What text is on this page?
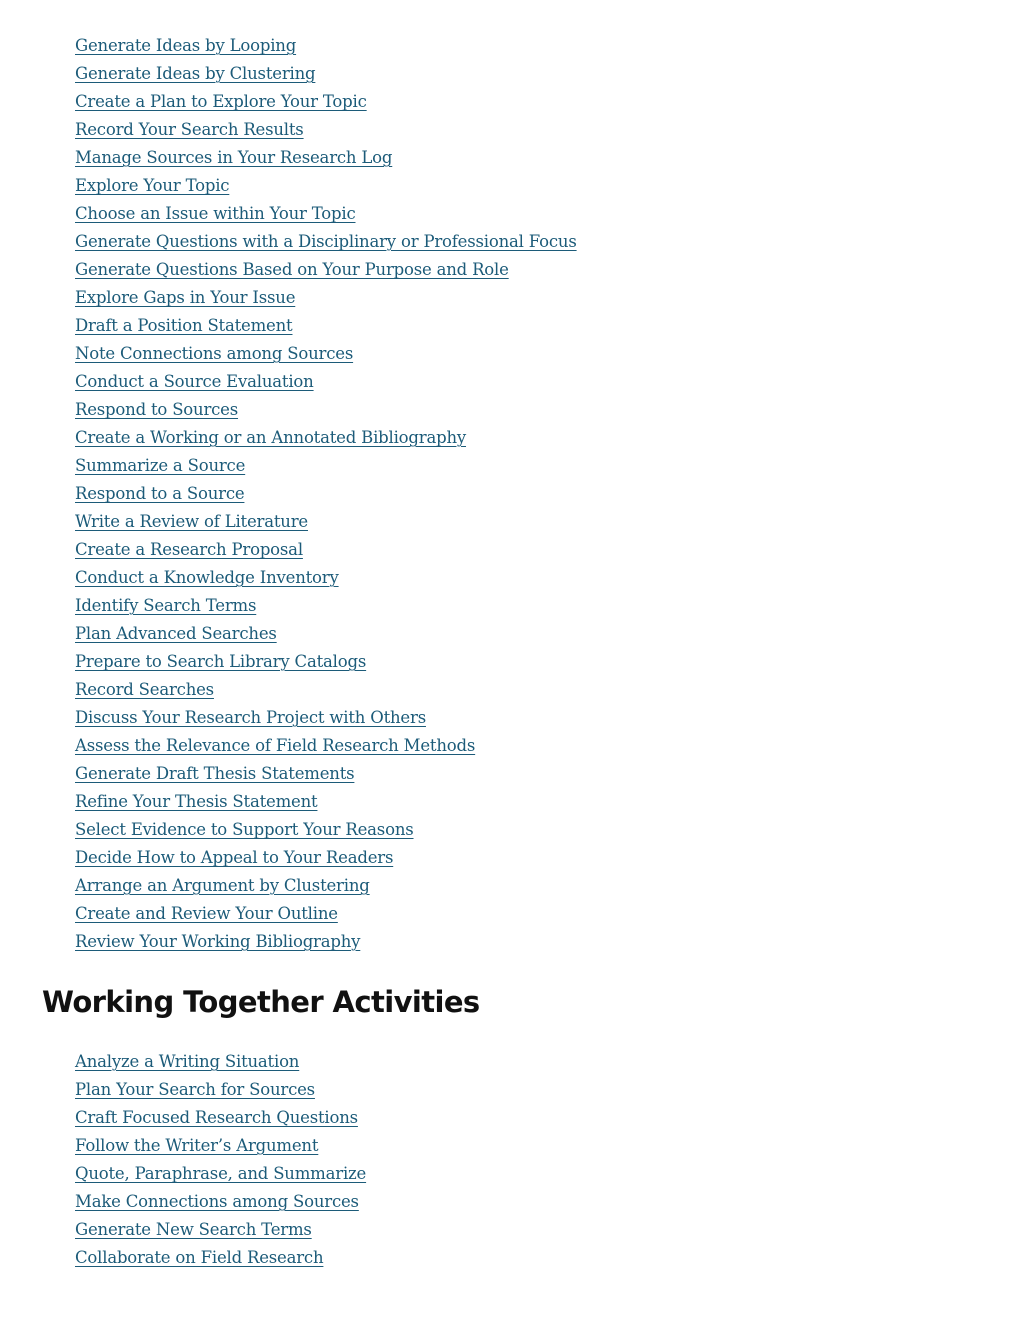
Generate Ideas by Looping
Generate Ideas by Clustering
Create a Plan to Explore Your Topic
Record Your Search Results
Manage Sources in Your Research Log
Explore Your Topic
Choose an Issue within Your Topic
Generate Questions with a Disciplinary or Professional Focus
Generate Questions Based on Your Purpose and Role
Explore Gaps in Your Issue
Draft a Position Statement
Note Connections among Sources
Conduct a Source Evaluation
Respond to Sources
Create a Working or an Annotated Bibliography
Summarize a Source
Respond to a Source
Write a Review of Literature
Create a Research Proposal
Conduct a Knowledge Inventory
Identify Search Terms
Plan Advanced Searches
Prepare to Search Library Catalogs
Record Searches
Discuss Your Research Project with Others
Assess the Relevance of Field Research Methods
Generate Draft Thesis Statements
Refine Your Thesis Statement
Select Evidence to Support Your Reasons
Decide How to Appeal to Your Readers
Arrange an Argument by Clustering
Create and Review Your Outline
Review Your Working Bibliography
Working Together Activities
Analyze a Writing Situation
Plan Your Search for Sources
Craft Focused Research Questions
Follow the Writer’s Argument
Quote, Paraphrase, and Summarize
Make Connections among Sources
Generate New Search Terms
Collaborate on Field Research
